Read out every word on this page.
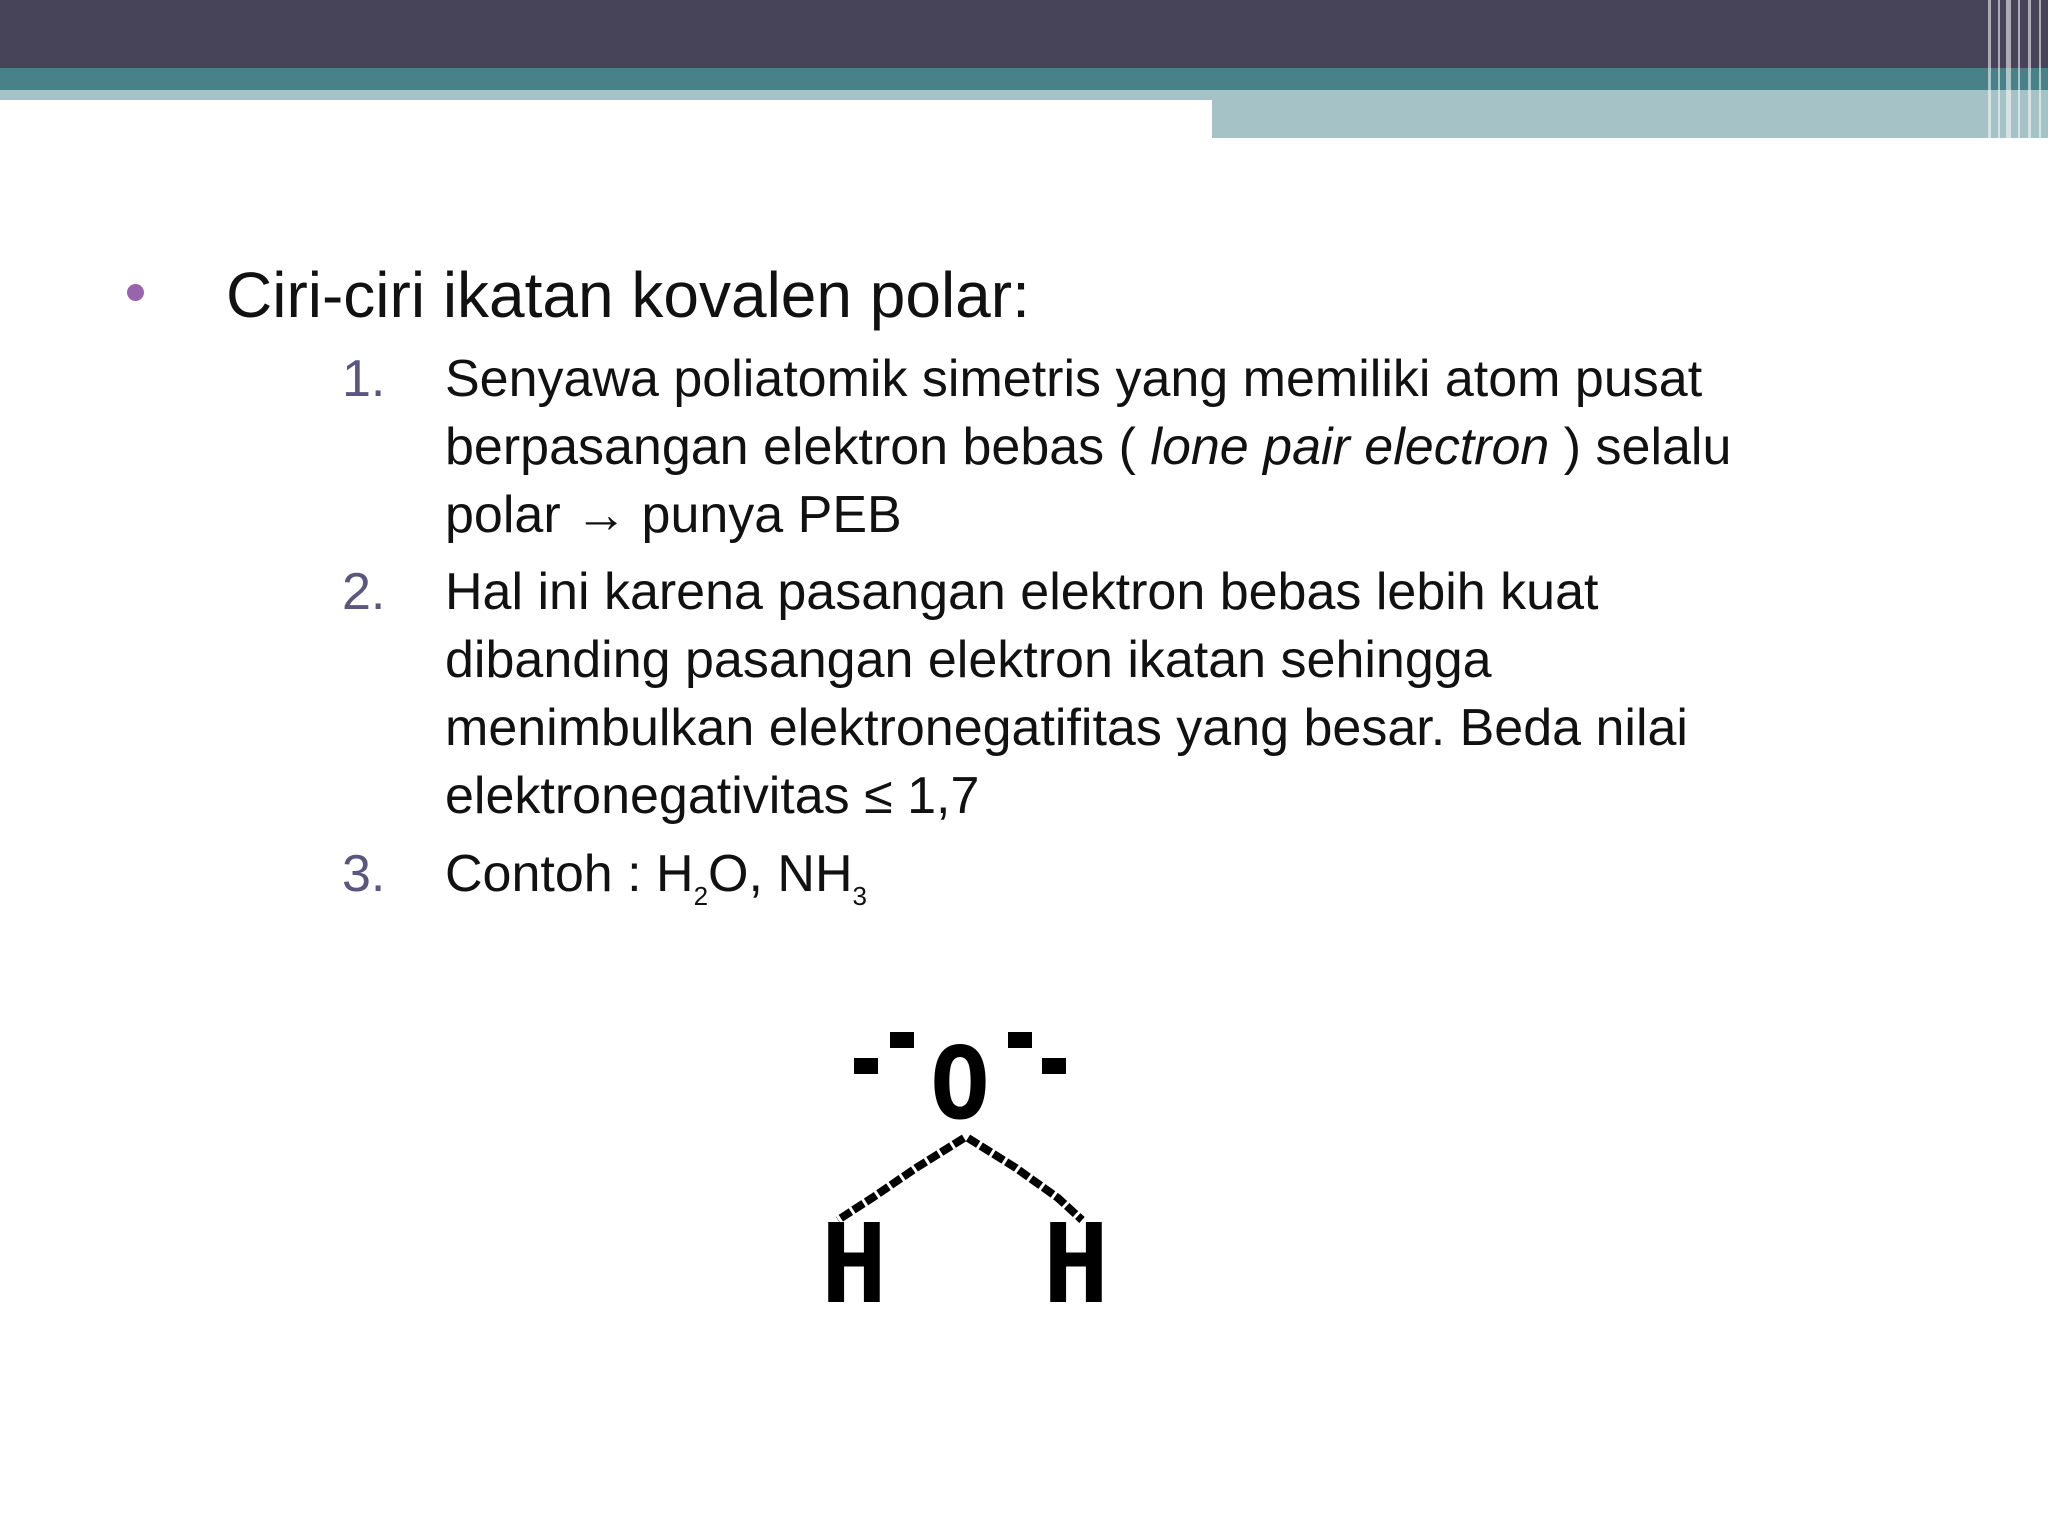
Ciri-ciri ikatan kovalen polar:
1. Senyawa poliatomik simetris yang memiliki atom pusat
berpasangan elektron bebas ( lone pair electron ) selalu
polar → punya PEB
2. Hal ini karena pasangan elektron bebas lebih kuat
dibanding pasangan elektron ikatan sehingga
menimbulkan elektronegatifitas yang besar. Beda nilai
elektronegativitas ≤ 1,7
3. Contoh : $H_2O$, $NH_3$
O
H H
